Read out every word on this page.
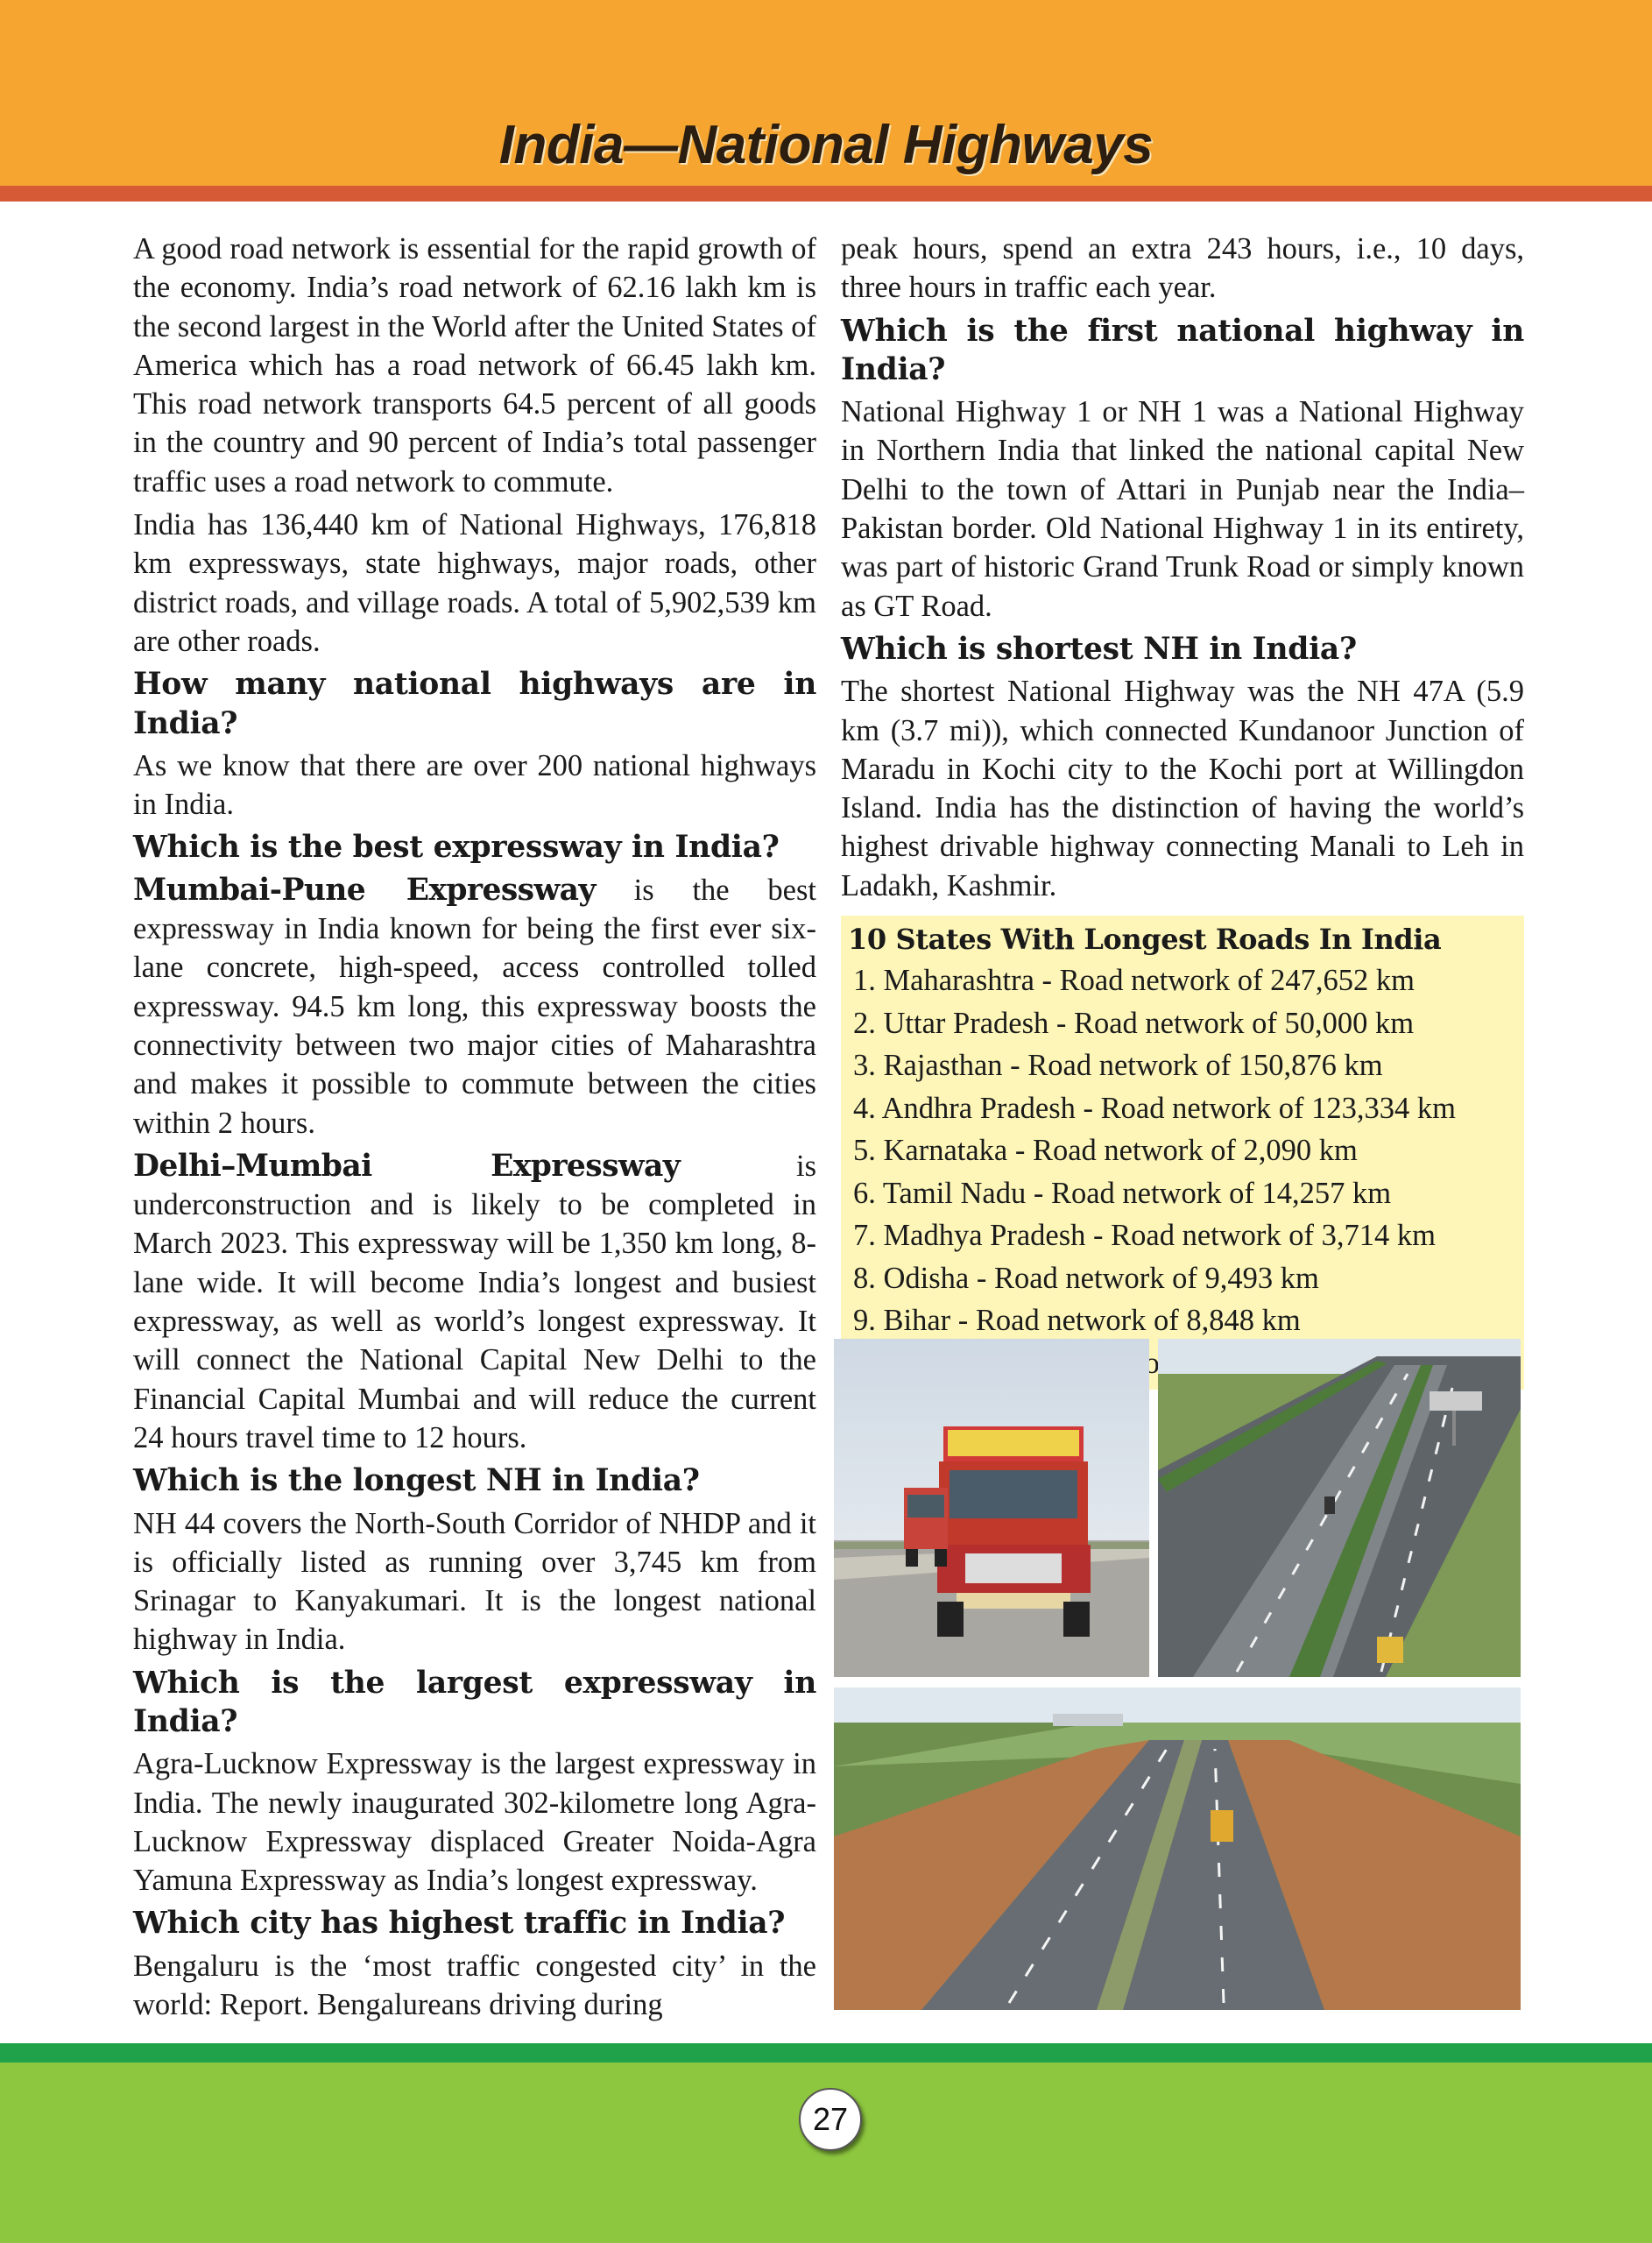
India—National Highways

A good road network is essential for the rapid growth of the economy. India’s road network of 62.16 lakh km is the second largest in the World after the United States of America which has a road network of 66.45 lakh km. This road network transports 64.5 percent of all goods in the country and 90 percent of India’s total passenger traffic uses a road network to commute.

India has 136,440 km of National Highways, 176,818 km expressways, state highways, major roads, other district roads, and village roads. A total of 5,902,539 km are other roads.

How many national highways are in India?

As we know that there are over 200 national highways in India.

Which is the best expressway in India?

Mumbai-Pune Expressway is the best expressway in India known for being the first ever six-lane concrete, high-speed, access controlled tolled expressway. 94.5 km long, this expressway boosts the connectivity between two major cities of Maharashtra and makes it possible to commute between the cities within 2 hours.

Delhi–Mumbai Expressway is underconstruction and is likely to be completed in March 2023. This expressway will be 1,350 km long, 8-lane wide. It will become India’s longest and busiest expressway, as well as world’s longest expressway. It will connect the National Capital New Delhi to the Financial Capital Mumbai and will reduce the current 24 hours travel time to 12 hours.

Which is the longest NH in India?

NH 44 covers the North-South Corridor of NHDP and it is officially listed as running over 3,745 km from Srinagar to Kanyakumari. It is the longest national highway in India.

Which is the largest expressway in India?

Agra-Lucknow Expressway is the largest expressway in India. The newly inaugurated 302-kilometre long Agra-Lucknow Expressway displaced Greater Noida-Agra Yamuna Expressway as India’s longest expressway.

Which city has highest traffic in India?

Bengaluru is the ‘most traffic congested city’ in the world: Report. Bengalureans driving during

peak hours, spend an extra 243 hours, i.e., 10 days, three hours in traffic each year.

Which is the first national highway in India?

National Highway 1 or NH 1 was a National Highway in Northern India that linked the national capital New Delhi to the town of Attari in Punjab near the India–Pakistan border. Old National Highway 1 in its entirety, was part of historic Grand Trunk Road or simply known as GT Road.

Which is shortest NH in India?

The shortest National Highway was the NH 47A (5.9 km (3.7 mi)), which connected Kundanoor Junction of Maradu in Kochi city to the Kochi port at Willingdon Island. India has the distinction of having the world’s highest drivable highway connecting Manali to Leh in Ladakh, Kashmir.

10 States With Longest Roads In India
1. Maharashtra - Road network of 247,652 km
2. Uttar Pradesh - Road network of 50,000 km
3. Rajasthan - Road network of 150,876 km
4. Andhra Pradesh - Road network of 123,334 km
5. Karnataka - Road network of 2,090 km
6. Tamil Nadu - Road network of 14,257 km
7. Madhya Pradesh - Road network of 3,714 km
8. Odisha - Road network of 9,493 km
9. Bihar - Road network of 8,848 km
27
